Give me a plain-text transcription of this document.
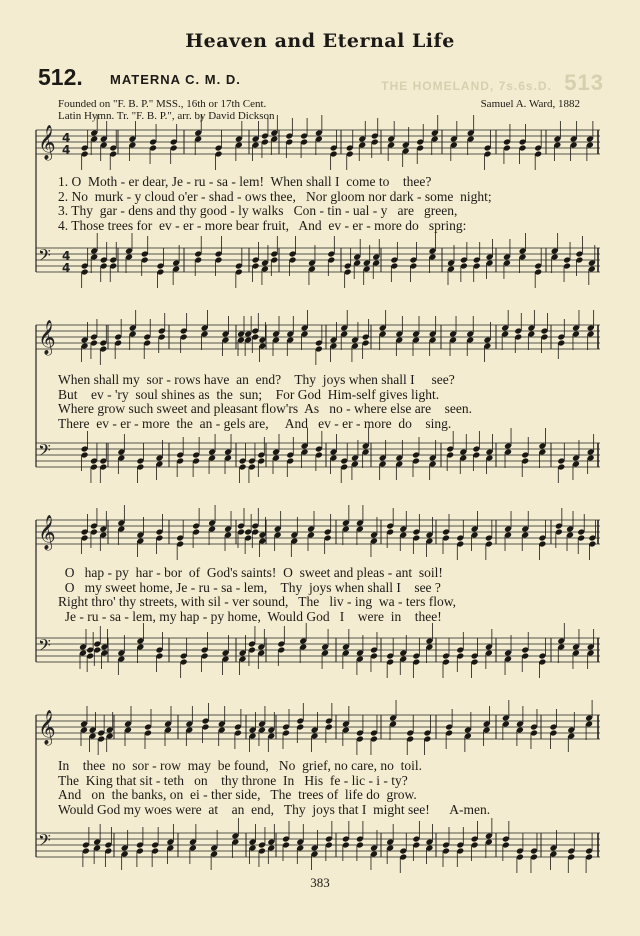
Heaven and Eternal Life
THE HOMELAND, 7s.6s.D. 513
512. MATERNA C. M. D.
Founded on "F. B. P." MSS., 16th or 17th Cent.
Latin Hymn. Tr. "F. B. P.", arr. by David Dickson
Samuel A. Ward, 1882
𝄞 4
4
𝄢 4
4
1. O  Moth - er dear, Je - ru - sa - lem!  When shall I  come to    thee?
2. No  murk - y cloud o'er - shad - ows thee,   Nor gloom nor dark - some  night;
3. Thy  gar - dens and thy good - ly walks   Con - tin - ual - y   are   green,
4. Those trees for  ev - er - more bear fruit,   And  ev - er - more do   spring:
𝄞
𝄢
When shall my  sor - rows have  an  end?    Thy  joys when shall I     see?
But    ev - 'ry  soul shines as  the  sun;    For God  Him-self gives light.
Where grow such sweet and pleasant flow'rs  As   no - where else are    seen.
There  ev - er - more  the  an - gels are,     And   ev - er - more  do    sing.
𝄞
𝄢
O   hap - py  har - bor  of  God's saints!  O  sweet and pleas - ant  soil!
O   my sweet home, Je - ru - sa - lem,    Thy  joys when shall I    see ?
Right thro' thy streets, with sil - ver sound,   The   liv - ing  wa - ters flow,
Je - ru - sa - lem, my hap - py home,  Would God   I    were  in    thee!
𝄞
𝄢
In    thee  no  sor - row  may  be found,   No  grief, no care, no  toil.
The  King that sit - teth   on    thy throne  In   His  fe - lic - i - ty?
And   on  the banks, on  ei - ther side,   The  trees of  life do  grow.
Would God my woes were  at    an  end,   Thy  joys that I  might see!      A-men.
383
